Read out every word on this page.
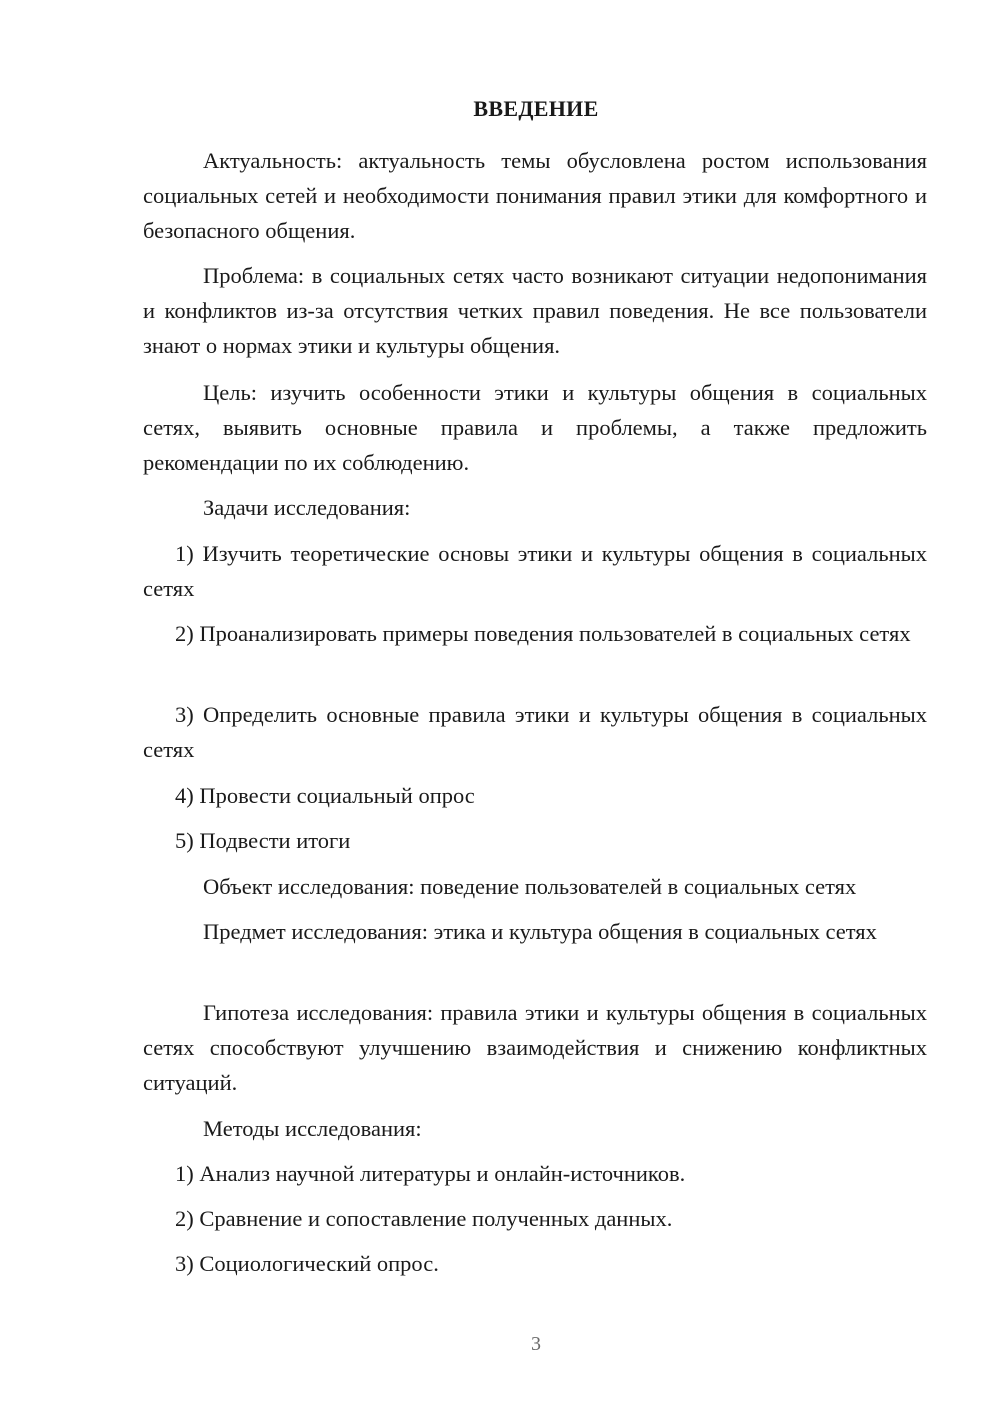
ВВЕДЕНИЕ
Актуальность: актуальность темы обусловлена ростом использования социальных сетей и необходимости понимания правил этики для комфортного и безопасного общения.
Проблема: в социальных сетях часто возникают ситуации недопонимания и конфликтов из-за отсутствия четких правил поведения. Не все пользователи знают о нормах этики и культуры общения.
Цель: изучить особенности этики и культуры общения в социальных сетях, выявить основные правила и проблемы, а также предложить рекомендации по их соблюдению.
Задачи исследования:
1) Изучить теоретические основы этики и культуры общения в социальных сетях
2) Проанализировать примеры поведения пользователей в социальных сетях
3) Определить основные правила этики и культуры общения в социальных сетях
4) Провести социальный опрос
5) Подвести итоги
Объект исследования: поведение пользователей в социальных сетях
Предмет исследования: этика и культура общения в социальных сетях
Гипотеза исследования: правила этики и культуры общения в социальных сетях способствуют улучшению взаимодействия и снижению конфликтных ситуаций.
Методы исследования:
1) Анализ научной литературы и онлайн-источников.
2) Сравнение и сопоставление полученных данных.
3) Социологический опрос.
3
